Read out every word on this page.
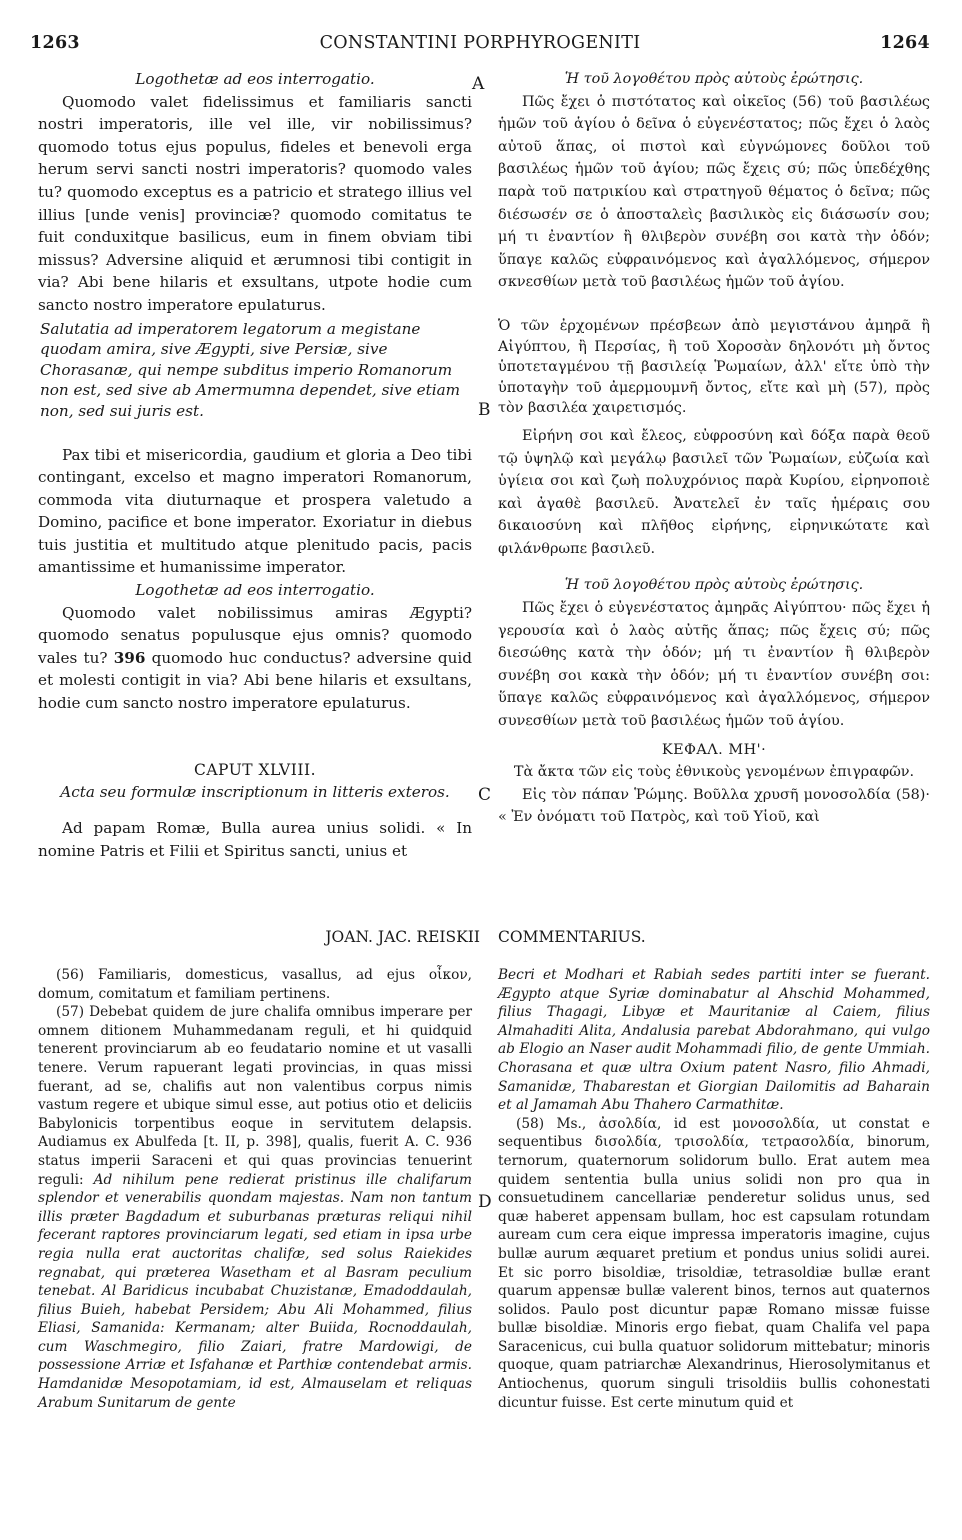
1263	CONSTANTINI PORPHYROGENITI	1264
A
B
C
D

Logothetæ ad eos interrogatio.

Quomodo valet fidelissimus et familiaris sancti nostri imperatoris, ille vel ille, vir nobilissimus? quomodo totus ejus populus, fideles et benevoli erga herum servi sancti nostri imperatoris? quomodo vales tu? quomodo exceptus es a patricio et stratego illius vel illius [unde venis] provinciæ? quomodo comitatus te fuit conduxitque basilicus, eum in finem obviam tibi missus? Adversine aliquid et ærumnosi tibi contigit in via? Abi bene hilaris et exsultans, utpote hodie cum sancto nostro imperatore epulaturus.

Salutatia ad imperatorem legatorum a megistane quodam amira, sive Ægypti, sive Persiæ, sive Chorasanæ, qui nempe subditus imperio Romanorum non est, sed sive ab Amermumna dependet, sive etiam non, sed sui juris est.

Pax tibi et misericordia, gaudium et gloria a Deo tibi contingant, excelso et magno imperatori Romanorum, commoda vita diuturnaque et prospera valetudo a Domino, pacifice et bone imperator. Exoriatur in diebus tuis justitia et multitudo atque plenitudo pacis, pacis amantissime et humanissime imperator.

Logothetæ ad eos interrogatio.

Quomodo valet nobilissimus amiras Ægypti? quomodo senatus populusque ejus omnis? quomodo vales tu? 396 quomodo huc conductus? adversine quid et molesti contigit in via? Abi bene hilaris et exsultans, hodie cum sancto nostro imperatore epulaturus.

CAPUT XLVIII.

Acta seu formulæ inscriptionum in litteris exteros.

Ad papam Romæ, Bulla aurea unius solidi. « In nomine Patris et Filii et Spiritus sancti, unius et

Ἡ τοῦ λογοθέτου πρὸς αὐτοὺς ἐρώτησις.

Πῶς ἔχει ὁ πιστότατος καὶ οἰκεῖος (56) τοῦ βασιλέως ἡμῶν τοῦ ἁγίου ὁ δεῖνα ὁ εὐγενέστατος; πῶς ἔχει ὁ λαὸς αὐτοῦ ἅπας, οἱ πιστοὶ καὶ εὐγνώμονες δοῦλοι τοῦ βασιλέως ἡμῶν τοῦ ἁγίου; πῶς ἔχεις σύ; πῶς ὑπεδέχθης παρὰ τοῦ πατρικίου καὶ στρατηγοῦ θέματος ὁ δεῖνα; πῶς διέσωσέν σε ὁ ἀποσταλεὶς βασιλικὸς εἰς διάσωσίν σου; μή τι ἐναντίον ἢ θλιβερὸν συνέβη σοι κατὰ τὴν ὁδόν; ὕπαγε καλῶς εὐφραινόμενος καὶ ἀγαλλόμενος, σήμερον σκνεσθίων μετὰ τοῦ βασιλέως ἡμῶν τοῦ ἁγίου.

Ὁ τῶν ἐρχομένων πρέσβεων ἀπὸ μεγιστάνου ἀμηρᾶ ἢ Αἰγύπτου, ἢ Περσίας, ἢ τοῦ Χοροσὰν δηλονότι μὴ ὄντος ὑποτεταγμένου τῇ βασιλείᾳ Ῥωμαίων, ἀλλ' εἴτε ὑπὸ τὴν ὑποταγὴν τοῦ ἀμερμουμνῆ ὄντος, εἴτε καὶ μὴ (57), πρὸς τὸν βασιλέα χαιρετισμός.

Εἰρήνη σοι καὶ ἔλεος, εὐφροσύνη καὶ δόξα παρὰ θεοῦ τῷ ὑψηλῷ καὶ μεγάλῳ βασιλεῖ τῶν Ῥωμαίων, εὐζωία καὶ ὑγίεια σοι καὶ ζωὴ πολυχρόνιος παρὰ Κυρίου, εἰρηνοποιὲ καὶ ἀγαθὲ βασιλεῦ. Ἀνατελεῖ ἐν ταῖς ἡμέραις σου δικαιοσύνη καὶ πλῆθος εἰρήνης, εἰρηνικώτατε καὶ φιλάνθρωπε βασιλεῦ.

Ἡ τοῦ λογοθέτου πρὸς αὐτοὺς ἐρώτησις.

Πῶς ἔχει ὁ εὐγενέστατος ἀμηρᾶς Αἰγύπτου· πῶς ἔχει ἡ γερουσία καὶ ὁ λαὸς αὐτῆς ἅπας; πῶς ἔχεις σύ; πῶς διεσώθης κατὰ τὴν ὁδόν; μή τι ἐναντίον ἢ θλιβερὸν συνέβη σοι κακὰ τὴν ὁδόν; μή τι ἐναντίον συνέβη σοι: ὕπαγε καλῶς εὐφραινόμενος καὶ ἀγαλλόμενος, σήμερον συνεσθίων μετὰ τοῦ βασιλέως ἡμῶν τοῦ ἁγίου.

ΚΕΦΑΛ. ΜΗ'·

Τὰ ἄκτα τῶν εἰς τοὺς ἐθνικοὺς γενομένων ἐπιγραφῶν.

Εἰς τὸν πάπαν Ῥώμης. Βοῦλλα χρυσῆ μονοσολδία (58)· « Ἐν ὀνόματι τοῦ Πατρὸς, καὶ τοῦ Υἱοῦ, καὶ

JOAN. JAC. REISKII COMMENTARIUS.

(56) Familiaris, domesticus, vasallus, ad ejus οἶκον, domum, comitatum et familiam pertinens.

(57) Debebat quidem de jure chalifa omnibus imperare per omnem ditionem Muhammedanam reguli, et hi quidquid tenerent provinciarum ab eo feudatario nomine et ut vasalli tenere. Verum rapuerant legati provincias, in quas missi fuerant, ad se, chalifis aut non valentibus corpus nimis vastum regere et ubique simul esse, aut potius otio et deliciis Babylonicis torpentibus eoque in servitutem delapsis. Audiamus ex Abulfeda [t. II, p. 398], qualis, fuerit A. C. 936 status imperii Saraceni et qui quas provincias tenuerint reguli: Ad nihilum pene redierat pristinus ille chalifarum splendor et venerabilis quondam majestas. Nam non tantum illis præter Bagdadum et suburbanas præturas reliqui nihil fecerant raptores provinciarum legati, sed etiam in ipsa urbe regia nulla erat auctoritas chalifæ, sed solus Raiekides regnabat, qui præterea Wasetham et al Basram peculium tenebat. Al Baridicus incubabat Chuzistanæ, Emadoddaulah, filius Buieh, habebat Persidem; Abu Ali Mohammed, filius Eliasi, Samanida: Kermanam; alter Buiida, Rocnoddaulah, cum Waschmegiro, filio Zaiari, fratre Mardowigi, de possessione Arriæ et Isfahanæ et Parthiæ contendebat armis. Hamdanidæ Mesopotamiam, id est, Almauselam et reliquas Arabum Sunitarum de gente

Becri et Modhari et Rabiah sedes partiti inter se fuerant. Ægypto atque Syriæ dominabatur al Ahschid Mohammed, filius Thagagi, Libyæ et Mauritaniæ al Caiem, filius Almahaditi Alita, Andalusia parebat Abdorahmano, qui vulgo ab Elogio an Naser audit Mohammadi filio, de gente Ummiah. Chorasana et quæ ultra Oxium patent Nasro, filio Ahmadi, Samanidæ, Thabarestan et Giorgian Dailomitis ad Baharain et al Jamamah Abu Thahero Carmathitæ.

(58) Ms., ἀσολδία, id est μονοσολδία, ut constat e sequentibus δισολδία, τρισολδία, τετρασολδία, binorum, ternorum, quaternorum solidorum bullo. Erat autem mea quidem sententia bulla unius solidi non pro qua in consuetudinem cancellariæ penderetur solidus unus, sed quæ haberet appensam bullam, hoc est capsulam rotundam auream cum cera eique impressa imperatoris imagine, cujus bullæ aurum æquaret pretium et pondus unius solidi aurei. Et sic porro bisoldiæ, trisoldiæ, tetrasoldiæ bullæ erant quarum appensæ bullæ valerent binos, ternos aut quaternos solidos. Paulo post dicuntur papæ Romano missæ fuisse bullæ bisoldiæ. Minoris ergo fiebat, quam Chalifa vel papa Saracenicus, cui bulla quatuor solidorum mittebatur; minoris quoque, quam patriarchæ Alexandrinus, Hierosolymitanus et Antiochenus, quorum singuli trisoldiis bullis cohonestati dicuntur fuisse. Est certe minutum quid et
